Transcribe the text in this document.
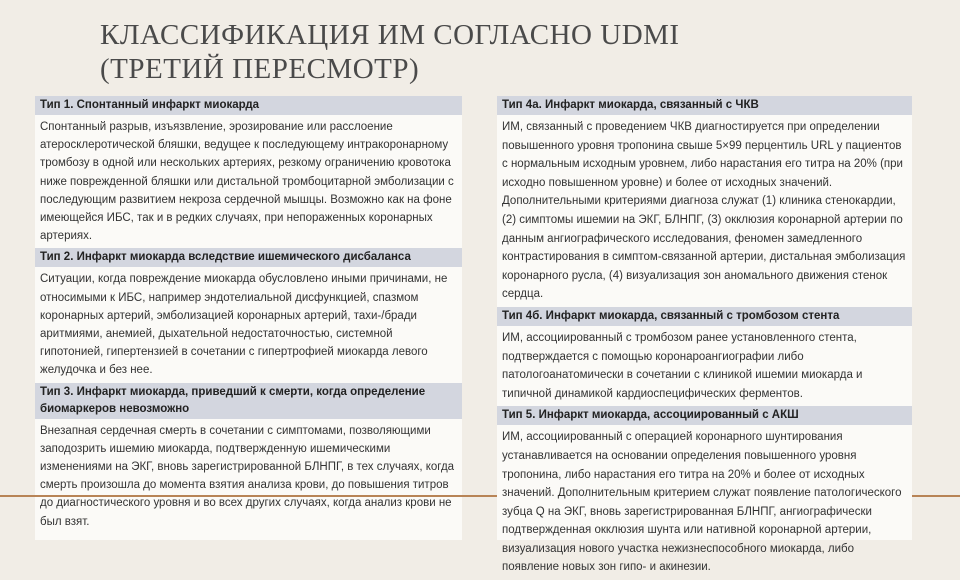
КЛАССИФИКАЦИЯ ИМ СОГЛАСНО UDMI
(ТРЕТИЙ ПЕРЕСМОТР)
Тип 1. Спонтанный инфаркт миокарда
Спонтанный разрыв, изъязвление, эрозирование или расслоение атеросклеротической бляшки, ведущее к последующему интракоронарному тромбозу в одной или нескольких артериях, резкому ограничению кровотока ниже поврежденной бляшки или дистальной тромбоцитарной эмболизации с последующим развитием некроза сердечной мышцы. Возможно как на фоне имеющейся ИБС, так и в редких случаях, при непораженных коронарных артериях.
Тип 2. Инфаркт миокарда вследствие ишемического дисбаланса
Ситуации, когда повреждение миокарда обусловлено иными причинами, не относимыми к ИБС, например эндотелиальной дисфункцией, спазмом коронарных артерий, эмболизацией коронарных артерий, тахи-/бради аритмиями, анемией, дыхательной недостаточностью, системной гипотонией, гипертензией в сочетании с гипертрофией миокарда левого желудочка и без нее.
Тип 3. Инфаркт миокарда, приведший к смерти, когда определение биомаркеров невозможно
Внезапная сердечная смерть в сочетании с симптомами, позволяющими заподозрить ишемию миокарда, подтвержденную ишемическими изменениями на ЭКГ, вновь зарегистрированной БЛНПГ, в тех случаях, когда смерть произошла до момента взятия анализа крови, до повышения титров до диагностического уровня и во всех других случаях, когда анализ крови не был взят.
Тип 4а. Инфаркт миокарда, связанный с ЧКВ
ИМ, связанный с проведением ЧКВ диагностируется при определении повышенного уровня тропонина свыше 5×99 перцентиль URL у пациентов с нормальным исходным уровнем, либо нарастания его титра на 20% (при исходно повышенном уровне) и более от исходных значений. Дополнительными критериями диагноза служат (1) клиника стенокардии, (2) симптомы ишемии на ЭКГ, БЛНПГ, (3) окклюзия коронарной артерии по данным ангиографического исследования, феномен замедленного контрастирования в симптом-связанной артерии, дистальная эмболизация коронарного русла, (4) визуализация зон аномального движения стенок сердца.
Тип 4б. Инфаркт миокарда, связанный с тромбозом стента
ИМ, ассоциированный с тромбозом ранее установленного стента, подтверждается с помощью коронароангиографии либо патологоанатомически в сочетании с клиникой ишемии миокарда и типичной динамикой кардиоспецифических ферментов.
Тип 5. Инфаркт миокарда, ассоциированный с АКШ
ИМ, ассоциированный с операцией коронарного шунтирования устанавливается на основании определения повышенного уровня тропонина, либо нарастания его титра на 20% и более от исходных значений. Дополнительным критерием служат появление патологического зубца Q на ЭКГ, вновь зарегистрированная БЛНПГ, ангиографически подтвержденная окклюзия шунта или нативной коронарной артерии, визуализация нового участка нежизнеспособного миокарда, либо появление новых зон гипо- и акинезии.
